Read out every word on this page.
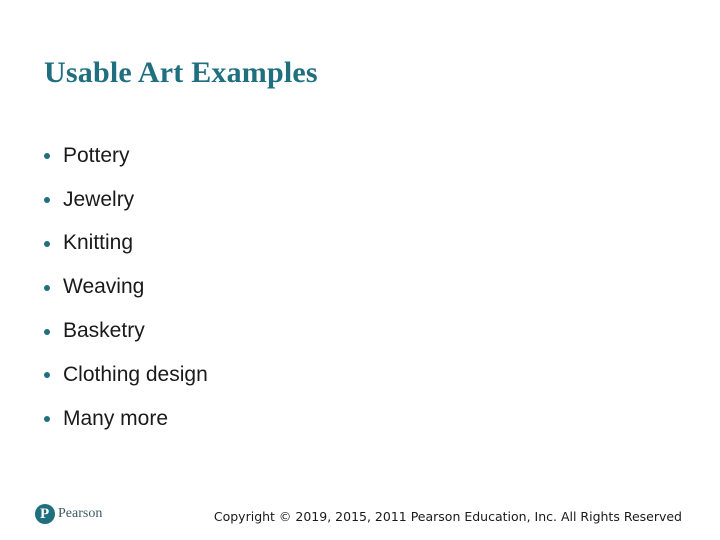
Usable Art Examples
Pottery
Jewelry
Knitting
Weaving
Basketry
Clothing design
Many more
P
Pearson	Copyright © 2019, 2015, 2011 Pearson Education, Inc. All Rights Reserved
